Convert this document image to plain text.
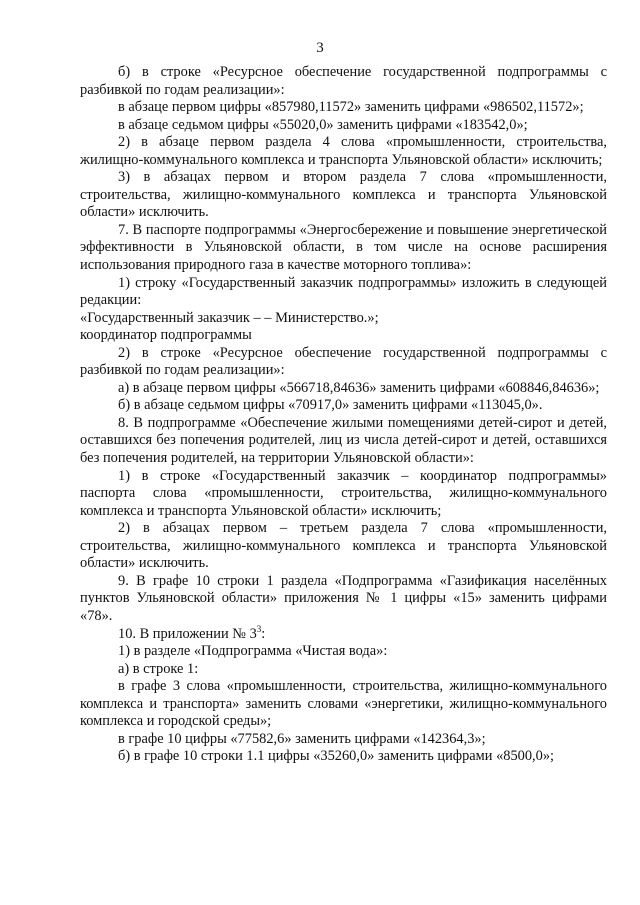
3

б) в строке «Ресурсное обеспечение государственной подпрограммы с разбивкой по годам реализации»:

в абзаце первом цифры «857980,11572» заменить цифрами «986502,11572»;

в абзаце седьмом цифры «55020,0» заменить цифрами «183542,0»;

2) в абзаце первом раздела 4 слова «промышленности, строительства, жилищно-коммунального комплекса и транспорта Ульяновской области» исключить;

3) в абзацах первом и втором раздела 7 слова «промышленности, строительства, жилищно-коммунального комплекса и транспорта Ульяновской области» исключить.

7. В паспорте подпрограммы «Энергосбережение и повышение энергетической эффективности в Ульяновской области, в том числе на основе расширения использования природного газа в качестве моторного топлива»:

1) строку «Государственный заказчик подпрограммы» изложить в следующей редакции:

«Государственный заказчик – – Министерство.»;

координатор подпрограммы

2) в строке «Ресурсное обеспечение государственной подпрограммы с разбивкой по годам реализации»:

а) в абзаце первом цифры «566718,84636» заменить цифрами «608846,84636»;

б) в абзаце седьмом цифры «70917,0» заменить цифрами «113045,0».

8. В подпрограмме «Обеспечение жилыми помещениями детей-сирот и детей, оставшихся без попечения родителей, лиц из числа детей-сирот и детей, оставшихся без попечения родителей, на территории Ульяновской области»:

1) в строке «Государственный заказчик – координатор подпрограммы» паспорта слова «промышленности, строительства, жилищно-коммунального комплекса и транспорта Ульяновской области» исключить;

2) в абзацах первом – третьем раздела 7 слова «промышленности, строительства, жилищно-коммунального комплекса и транспорта Ульяновской области» исключить.

9. В графе 10 строки 1 раздела «Подпрограмма «Газификация населённых пунктов Ульяновской области» приложения № 1 цифры «15» заменить цифрами «78».

10. В приложении № $3^3$:

1) в разделе «Подпрограмма «Чистая вода»:

а) в строке 1:

в графе 3 слова «промышленности, строительства, жилищно-коммунального комплекса и транспорта» заменить словами «энергетики, жилищно-коммунального комплекса и городской среды»;

в графе 10 цифры «77582,6» заменить цифрами «142364,3»;

б) в графе 10 строки 1.1 цифры «35260,0» заменить цифрами «8500,0»;
